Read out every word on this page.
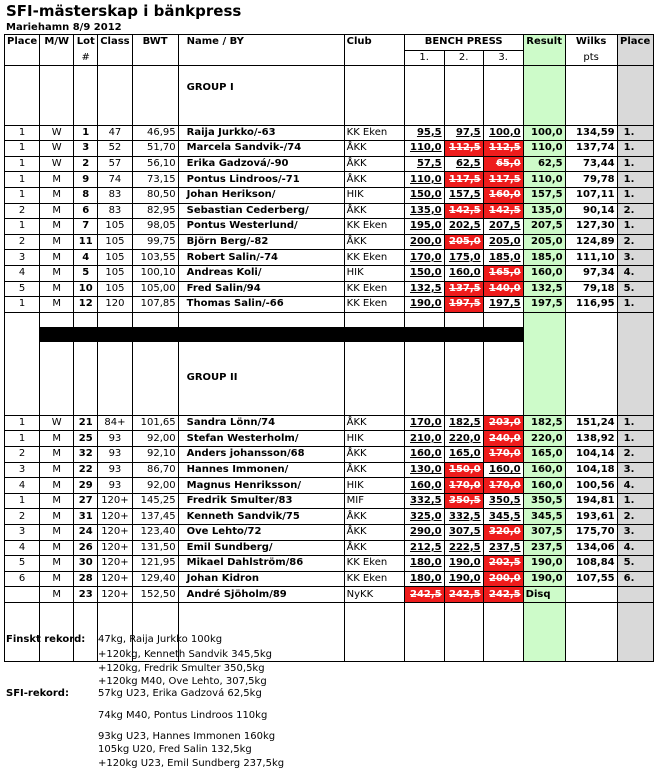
SFI-mästerskap i bänkpress
Mariehamn 8/9 2012
Place	M/W	Lot	Class	BWT	Name / BY	Club	BENCH PRESS			Result	Wilks	Place
		#					1.	2.	3.		pts	

					GROUP I							

1	W	1	47	46,95	Raija Jurkko/-63	KK Eken	95,5	97,5	100,0	100,0	134,59	1.
1	W	3	52	51,70	Marcela Sandvik-/74	ÅKK	110,0	112,5	112,5	110,0	137,74	1.
1	W	2	57	56,10	Erika Gadzová/-90	ÅKK	57,5	62,5	65,0	62,5	73,44	1.
1	M	9	74	73,15	Pontus Lindroos/-71	ÅKK	110,0	117,5	117,5	110,0	79,78	1.
1	M	8	83	80,50	Johan Herikson/	HIK	150,0	157,5	160,0	157,5	107,11	1.
2	M	6	83	82,95	Sebastian Cederberg/	ÅKK	135,0	142,5	142,5	135,0	90,14	2.
1	M	7	105	98,05	Pontus Westerlund/	KK Eken	195,0	202,5	207,5	207,5	127,30	1.
2	M	11	105	99,75	Björn Berg/-82	ÅKK	200,0	205,0	205,0	205,0	124,89	2.
3	M	4	105	103,55	Robert Salin/-74	KK Eken	170,0	175,0	185,0	185,0	111,10	3.
4	M	5	105	100,10	Andreas Koli/	HIK	150,0	160,0	165,0	160,0	97,34	4.
5	M	10	105	105,00	Fred Salin/94	KK Eken	132,5	137,5	140,0	132,5	79,18	5.
1	M	12	120	107,85	Thomas Salin/-66	KK Eken	190,0	197,5	197,5	197,5	116,95	1.

					GROUP II							

1	W	21	84+	101,65	Sandra Lönn/74	ÅKK	170,0	182,5	203,0	182,5	151,24	1.
1	M	25	93	92,00	Stefan Westerholm/	HIK	210,0	220,0	240,0	220,0	138,92	1.
2	M	32	93	92,10	Anders johansson/68	ÅKK	160,0	165,0	170,0	165,0	104,14	2.
3	M	22	93	86,70	Hannes Immonen/	ÅKK	130,0	150,0	160,0	160,0	104,18	3.
4	M	29	93	92,00	Magnus Henriksson/	HIK	160,0	170,0	170,0	160,0	100,56	4.
1	M	27	120+	145,25	Fredrik Smulter/83	MIF	332,5	350,5	350,5	350,5	194,81	1.
2	M	31	120+	137,45	Kenneth Sandvik/75	ÅKK	325,0	332,5	345,5	345,5	193,61	2.
3	M	24	120+	123,40	Ove Lehto/72	ÅKK	290,0	307,5	320,0	307,5	175,70	3.
4	M	26	120+	131,50	Emil Sundberg/	ÅKK	212,5	222,5	237,5	237,5	134,06	4.
5	M	30	120+	121,95	Mikael Dahlström/86	KK Eken	180,0	190,0	202,5	190,0	108,84	5.
6	M	28	120+	129,40	Johan Kidron	KK Eken	180,0	190,0	200,0	190,0	107,55	6.
	M	23	120+	152,50	André Sjöholm/89	NyKK	242,5	242,5	242,5	Disq		

Finskt rekord:	47kg, Raija Jurkko 100kg
+120kg, Kenneth Sandvik 345,5kg
+120kg, Fredrik Smulter 350,5kg
+120kg M40, Ove Lehto, 307,5kg
SFI-rekord:	57kg U23, Erika Gadzová 62,5kg
74kg M40, Pontus Lindroos 110kg
93kg U23, Hannes Immonen 160kg
105kg U20, Fred Salin 132,5kg
+120kg U23, Emil Sundberg 237,5kg
